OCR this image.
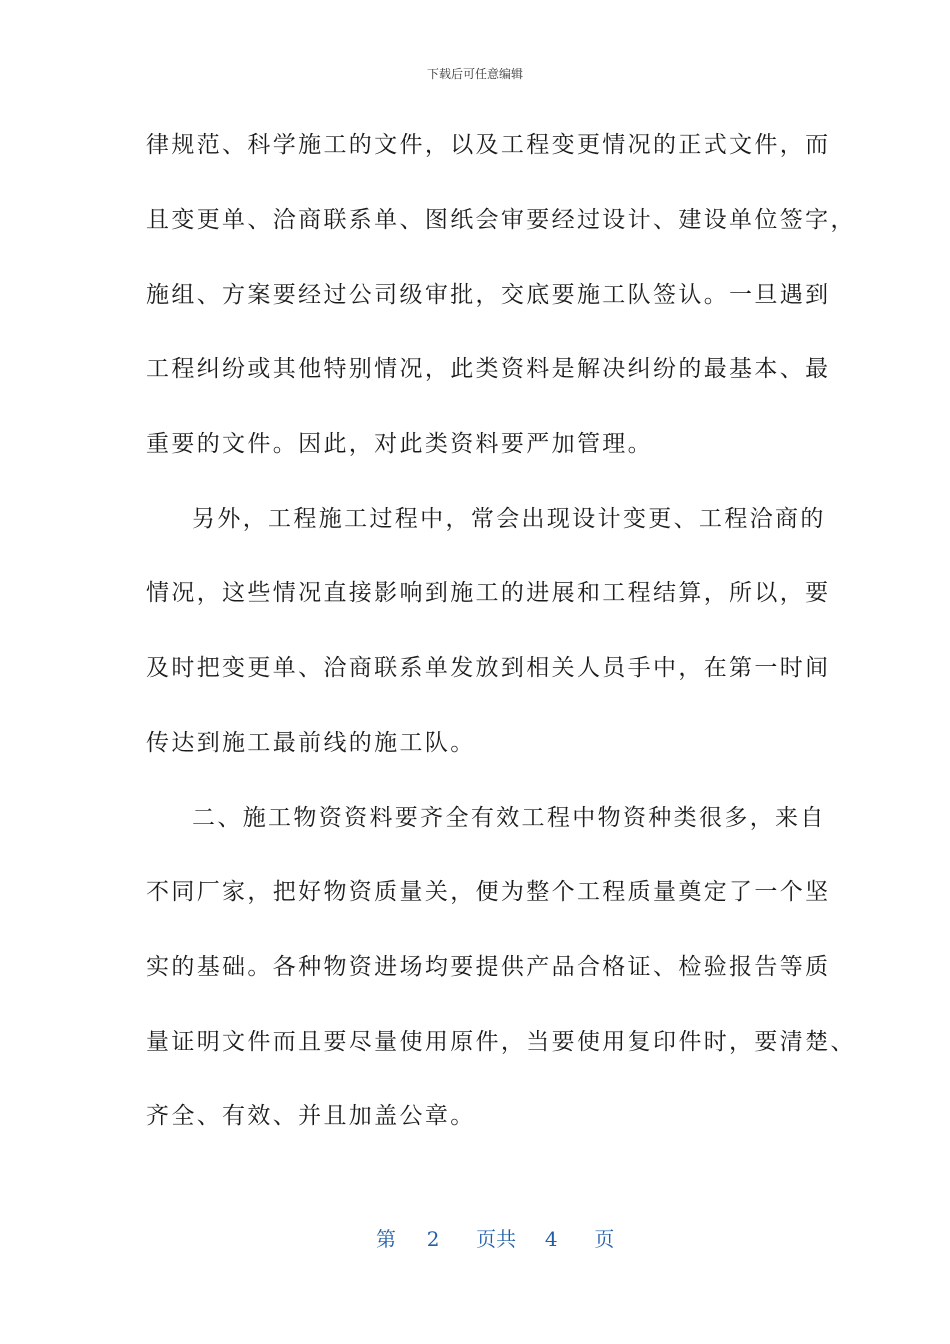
下载后可任意编辑
律规范、科学施工的文件，以及工程变更情况的正式文件，而
且变更单、洽商联系单、图纸会审要经过设计、建设单位签字，
施组、方案要经过公司级审批，交底要施工队签认。一旦遇到
工程纠纷或其他特别情况，此类资料是解决纠纷的最基本、最
重要的文件。因此，对此类资料要严加管理。
另外，工程施工过程中，常会出现设计变更、工程洽商的
情况，这些情况直接影响到施工的进展和工程结算，所以，要
及时把变更单、洽商联系单发放到相关人员手中，在第一时间
传达到施工最前线的施工队。
二、施工物资资料要齐全有效工程中物资种类很多，来自
不同厂家，把好物资质量关，便为整个工程质量奠定了一个坚
实的基础。各种物资进场均要提供产品合格证、检验报告等质
量证明文件而且要尽量使用原件，当要使用复印件时，要清楚、
齐全、有效、并且加盖公章。
第 2 页共 4 页
